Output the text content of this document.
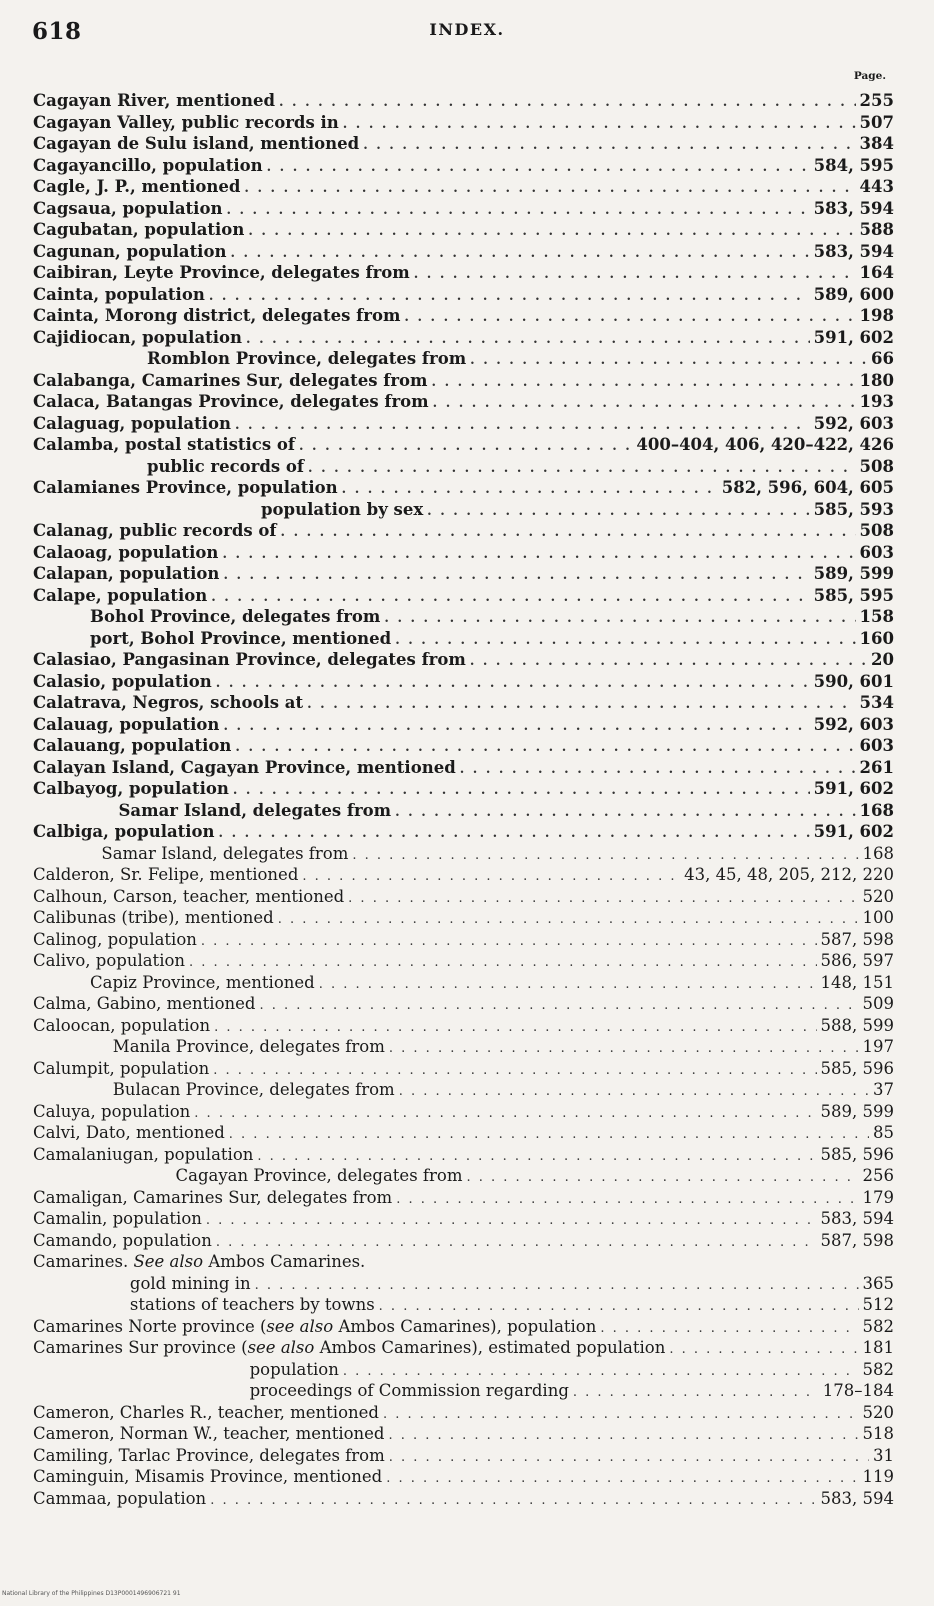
618	INDEX.
Page.
Cagayan River, mentioned . . .	255
Cagayan Valley, public records in . . .	507
Cagayan de Sulu island, mentioned . . .	384
Cagayancillo, population . . .	584, 595
Cagle, J. P., mentioned . . .	443
Cagsaua, population . . .	583, 594
Cagubatan, population . . .	588
Cagunan, population . . .	583, 594
Caibiran, Leyte Province, delegates from . . .	164
Cainta, population . . .	589, 600
Cainta, Morong district, delegates from . . .	198
Cajidiocan, population . . .	591, 602
Romblon Province, delegates from . . .	66
Calabanga, Camarines Sur, delegates from . . .	180
Calaca, Batangas Province, delegates from . . .	193
Calaguag, population . . .	592, 603
Calamba, postal statistics of . . .	400–404, 406, 420–422, 426
public records of . . .	508
Calamianes Province, population . . .	582, 596, 604, 605
population by sex . . .	585, 593
Calanag, public records of . . .	508
Calaoag, population . . .	603
Calapan, population . . .	589, 599
Calape, population . . .	585, 595
Bohol Province, delegates from . . .	158
port, Bohol Province, mentioned . . .	160
Calasiao, Pangasinan Province, delegates from . . .	20
Calasio, population . . .	590, 601
Calatrava, Negros, schools at . . .	534
Calauag, population . . .	592, 603
Calauang, population . . .	603
Calayan Island, Cagayan Province, mentioned . . .	261
Calbayog, population . . .	591, 602
Samar Island, delegates from . . .	168
Calbiga, population . . .	591, 602
Samar Island, delegates from . . .	168
Calderon, Sr. Felipe, mentioned . . .	43, 45, 48, 205, 212, 220
Calhoun, Carson, teacher, mentioned . . .	520
Calibunas (tribe), mentioned . . .	100
Calinog, population . . .	587, 598
Calivo, population . . .	586, 597
Capiz Province, mentioned . . .	148, 151
Calma, Gabino, mentioned . . .	509
Caloocan, population . . .	588, 599
Manila Province, delegates from . . .	197
Calumpit, population . . .	585, 596
Bulacan Province, delegates from . . .	37
Caluya, population . . .	589, 599
Calvi, Dato, mentioned . . .	85
Camalaniugan, population . . .	585, 596
Cagayan Province, delegates from . . .	256
Camaligan, Camarines Sur, delegates from . . .	179
Camalin, population . . .	583, 594
Camando, population . . .	587, 598
Camarines. See also Ambos Camarines.
gold mining in . . .	365
stations of teachers by towns . . .	512
Camarines Norte province (see also Ambos Camarines), population . . .	582
Camarines Sur province (see also Ambos Camarines), estimated population . . .	181
population . . .	582
proceedings of Commission regarding . . .	178–184
Cameron, Charles R., teacher, mentioned . . .	520
Cameron, Norman W., teacher, mentioned . . .	518
Camiling, Tarlac Province, delegates from . . .	31
Caminguin, Misamis Province, mentioned . . .	119
Cammaa, population . . .	583, 594
National Library of the Philippines D13P0001496906721 91
